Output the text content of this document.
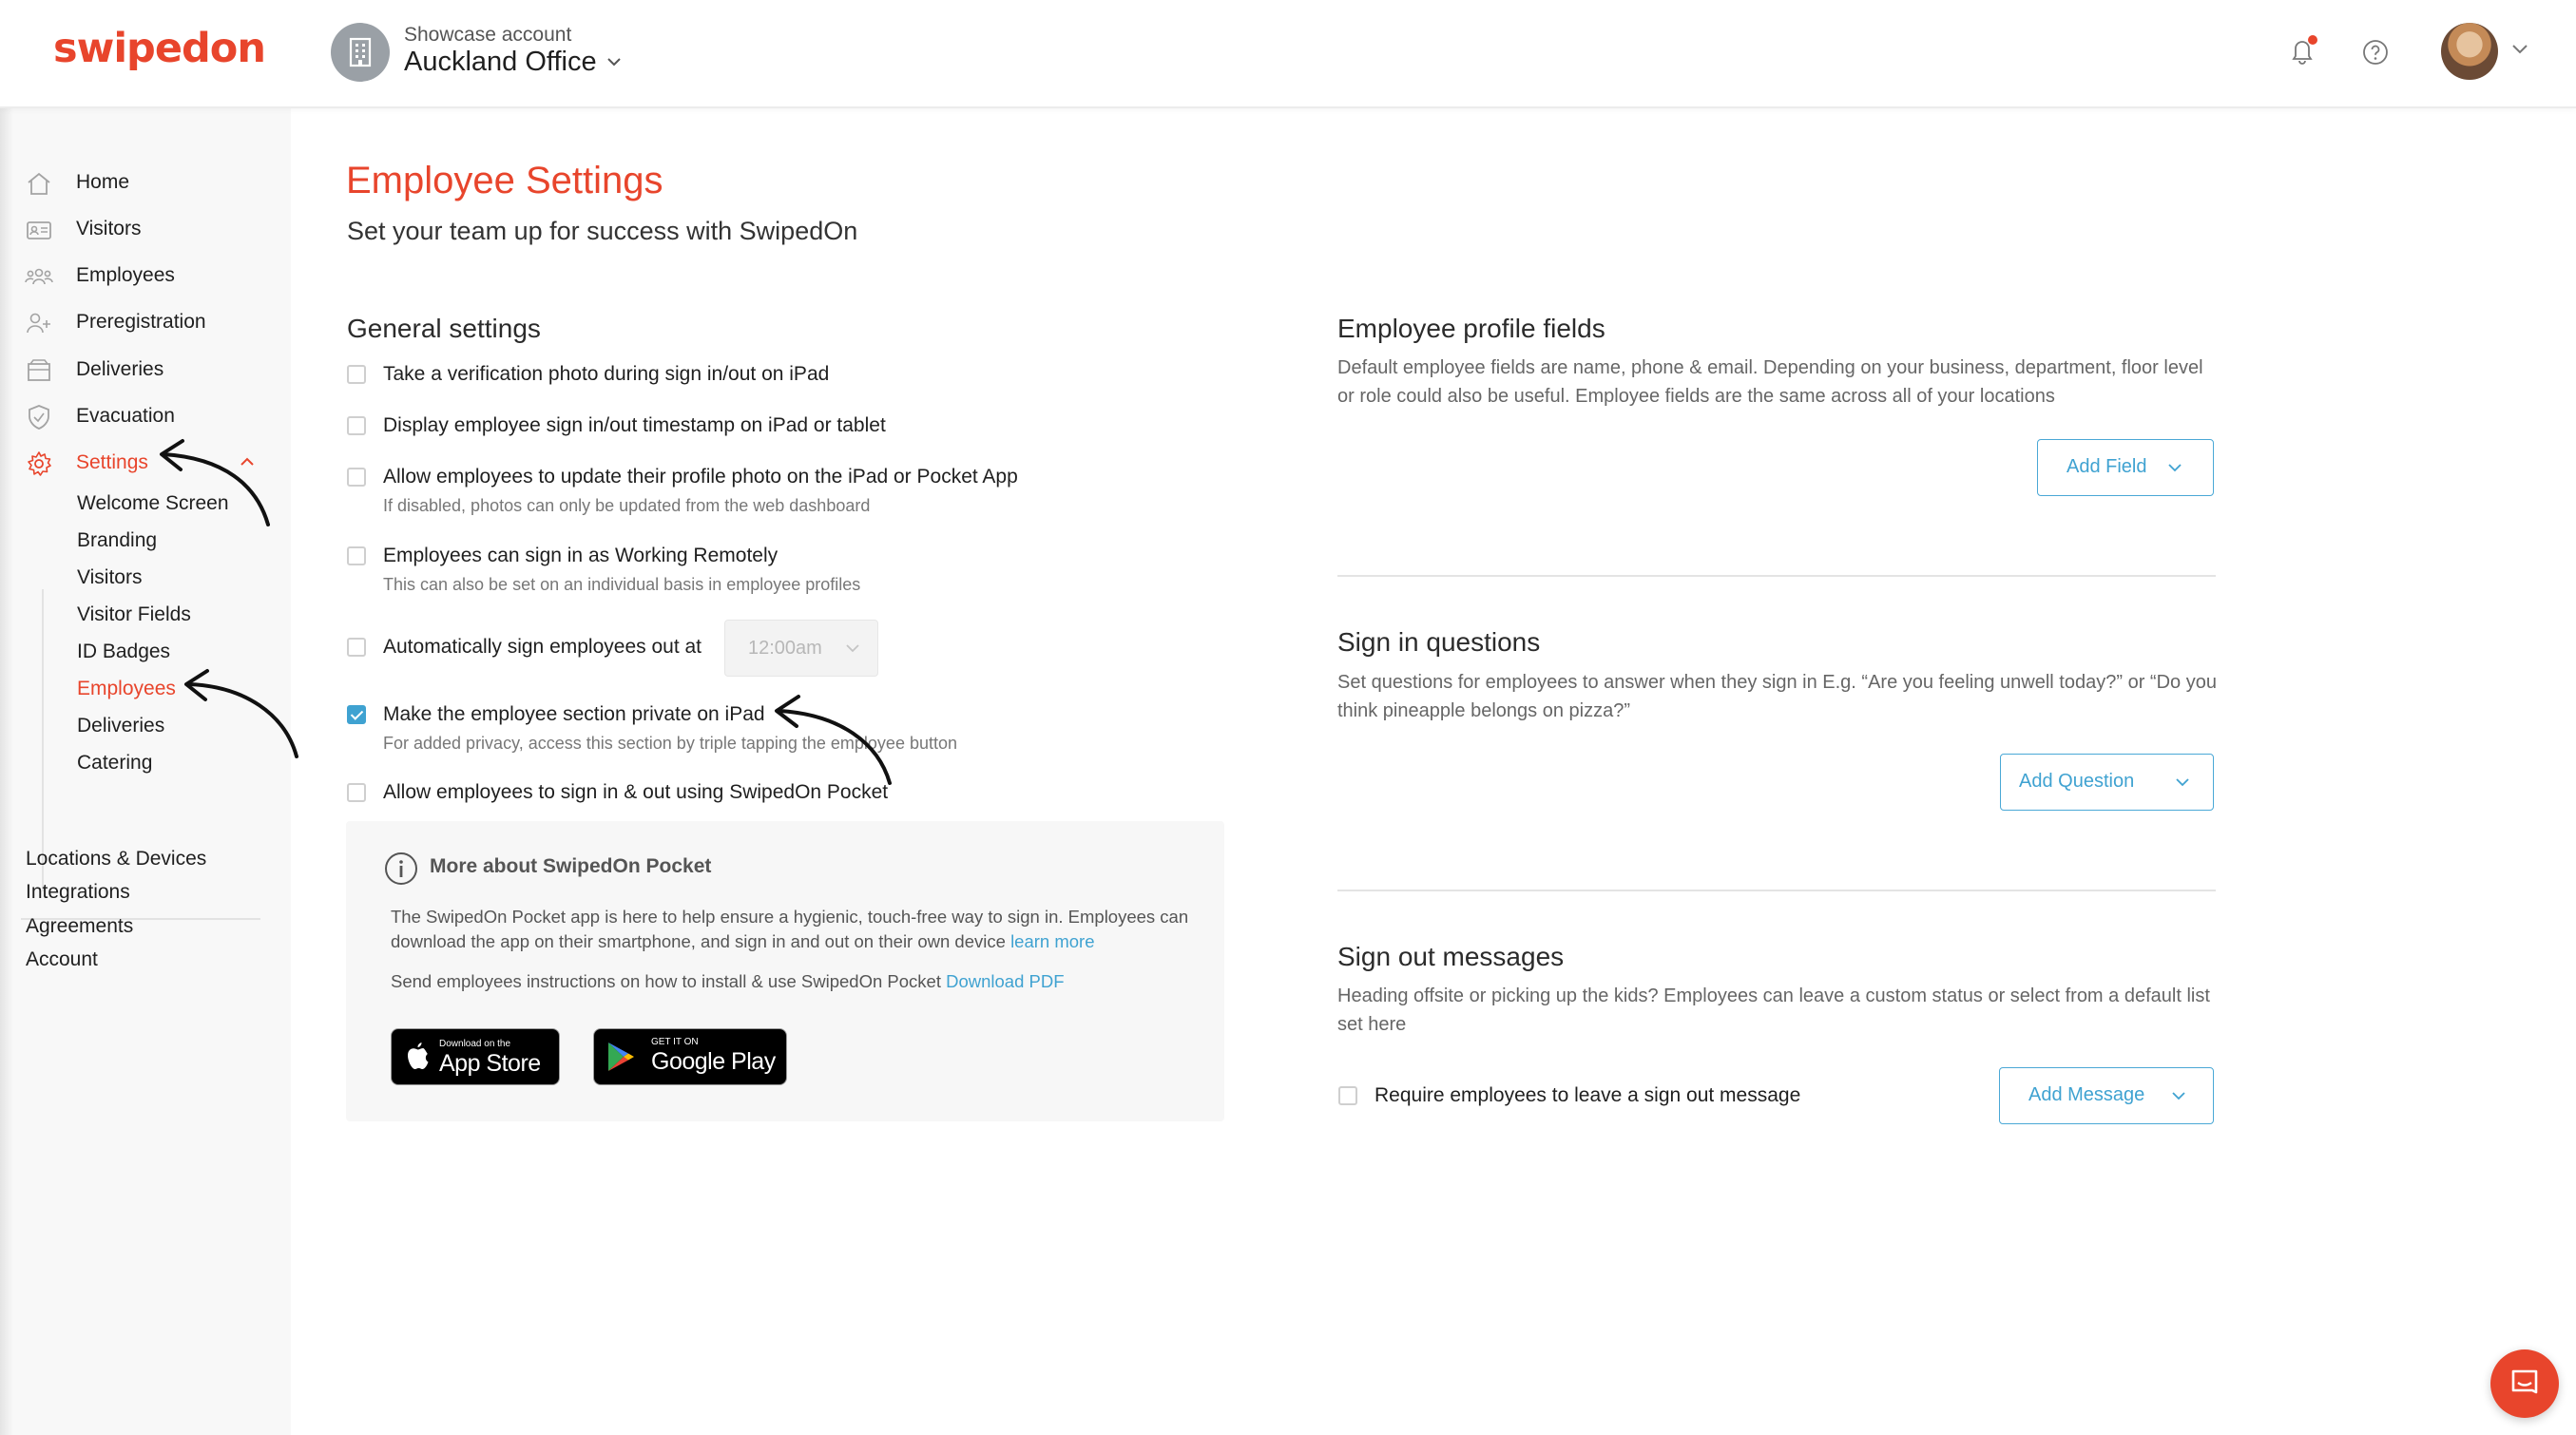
swipedon	Showcase account
Auckland Office
Home
Visitors
Employees
Preregistration
Deliveries
Evacuation
Settings
Welcome Screen
Branding
Visitors
Visitor Fields
ID Badges
Employees
Deliveries
Catering
Locations & Devices
Integrations
Agreements
Account
Employee Settings
Set your team up for success with SwipedOn
General settings
Take a verification photo during sign in/out on iPad
Display employee sign in/out timestamp on iPad or tablet
Allow employees to update their profile photo on the iPad or Pocket App
If disabled, photos can only be updated from the web dashboard
Employees can sign in as Working Remotely
This can also be set on an individual basis in employee profiles
Automatically sign employees out at 12:00am
Make the employee section private on iPad
For added privacy, access this section by triple tapping the employee button
Allow employees to sign in & out using SwipedOn Pocket
More about SwipedOn Pocket
The SwipedOn Pocket app is here to help ensure a hygienic, touch-free way to sign in. Employees can download the app on their smartphone, and sign in and out on their own device learn more
Send employees instructions on how to install & use SwipedOn Pocket Download PDF
Download on the
App Store
GET IT ON
Google Play
Employee profile fields
Default employee fields are name, phone & email. Depending on your business, department, floor level or role could also be useful. Employee fields are the same across all of your locations
Add Field
Sign in questions
Set questions for employees to answer when they sign in E.g. “Are you feeling unwell today?” or “Do you think pineapple belongs on pizza?”
Add Question
Sign out messages
Heading offsite or picking up the kids? Employees can leave a custom status or select from a default list set here
Require employees to leave a sign out message	Add Message
